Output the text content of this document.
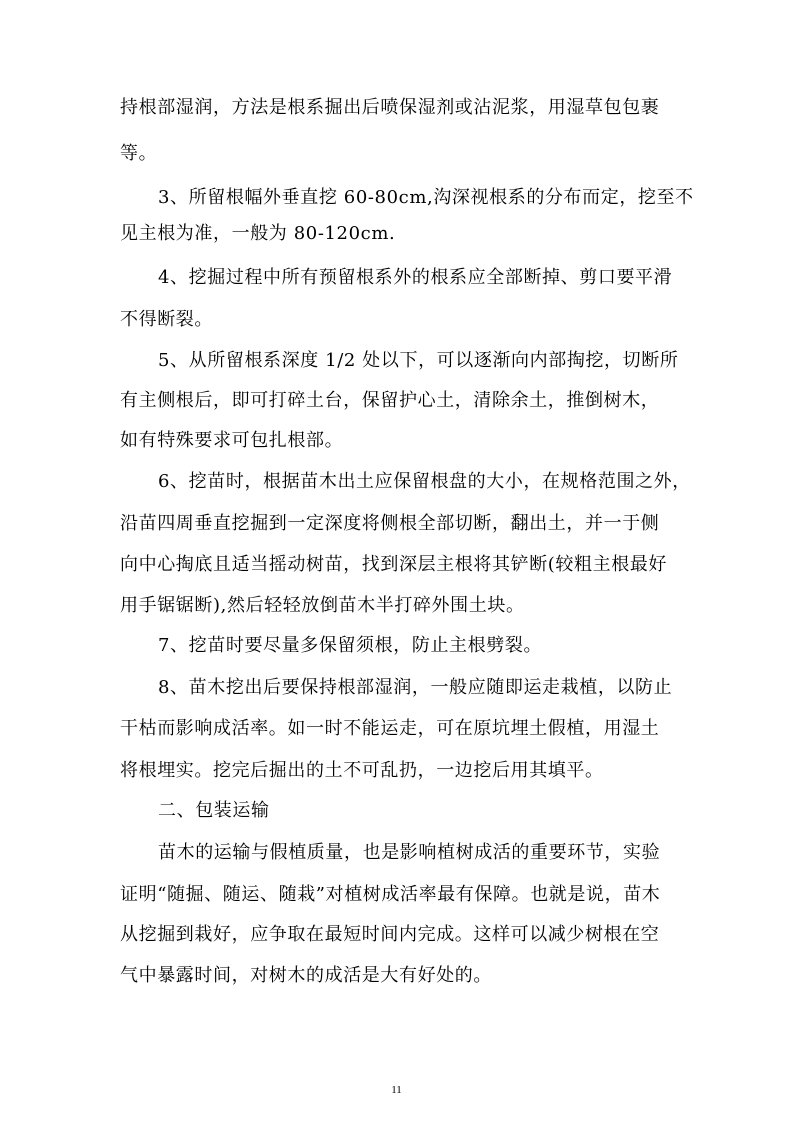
持根部湿润，方法是根系掘出后喷保湿剂或沾泥浆，用湿草包包裹
等。
3、所留根幅外垂直挖 60-80cm,沟深视根系的分布而定，挖至不
见主根为准，一般为 80-120cm.
4、挖掘过程中所有预留根系外的根系应全部断掉、剪口要平滑
不得断裂。
5、从所留根系深度 1/2 处以下，可以逐渐向内部掏挖，切断所
有主侧根后，即可打碎土台，保留护心土，清除余土，推倒树木，
如有特殊要求可包扎根部。
6、挖苗时，根据苗木出土应保留根盘的大小，在规格范围之外，
沿苗四周垂直挖掘到一定深度将侧根全部切断，翻出土，并一于侧
向中心掏底且适当摇动树苗，找到深层主根将其铲断(较粗主根最好
用手锯锯断),然后轻轻放倒苗木半打碎外围土块。
7、挖苗时要尽量多保留须根，防止主根劈裂。
8、苗木挖出后要保持根部湿润，一般应随即运走栽植，以防止
干枯而影响成活率。如一时不能运走，可在原坑埋土假植，用湿土
将根埋实。挖完后掘出的土不可乱扔，一边挖后用其填平。
二、包装运输
苗木的运输与假植质量，也是影响植树成活的重要环节，实验
证明“随掘、随运、随栽”对植树成活率最有保障。也就是说，苗木
从挖掘到栽好，应争取在最短时间内完成。这样可以减少树根在空
气中暴露时间，对树木的成活是大有好处的。
11
